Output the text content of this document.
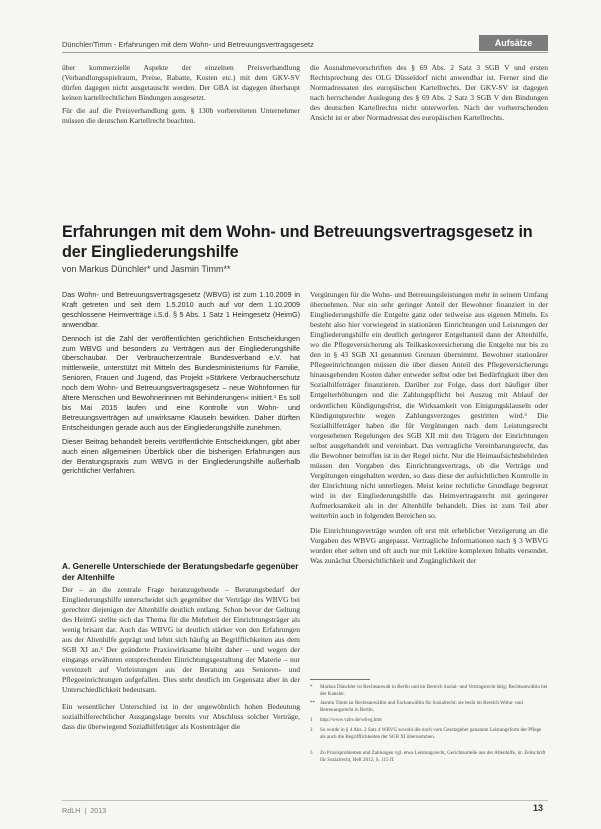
Dünchler/Timm - Erfahrungen mit dem Wohn- und Betreuungsvertragsgesetz	Aufsätze
über kommerzielle Aspekte der einzelnen Preisverhandlung (Verhandlungsspielraum, Preise, Rabatte, Kosten etc.) mit dem GKV-SV dürfen dagegen nicht ausgetauscht werden. Der GBA ist dagegen überhaupt keinen kartellrechtlichen Bindungen ausgesetzt.
Für die auf die Preisverhandlung gem. § 130b vorbereiteten Unternehmer müssen die deutschen Kartellrecht beachten.
die Ausnahmevorschriften des § 69 Abs. 2 Satz 3 SGB V und ersten Rechtsprechung des OLG Düsseldorf nicht anwendbar ist. Ferner sind die Normadressaten des europäischen Kartellrechts. Der GKV-SV ist dagegen nach herrschender Auslegung des § 69 Abs. 2 Satz 3 SGB V den Bindungen des deutschen Kartellrechts nicht unterworfen. Nach der vorherrschenden Ansicht ist er aber Normadressat des europäischen Kartellrechts.
Erfahrungen mit dem Wohn- und Betreuungsvertragsgesetz in der Eingliederungshilfe
von Markus Dünchler* und Jasmin Timm**
Das Wohn- und Betreuungsvertragsgesetz (WBVG) ist zum 1.10.2009 in Kraft getreten und seit dem 1.5.2010 auch auf vor dem 1.10.2009 geschlossene Heimverträge i.S.d. § 5 Abs. 1 Satz 1 Heimgesetz (HeimG) anwendbar.
Dennoch ist die Zahl der veröffentlichten gerichtlichen Entscheidungen zum WBVG und besonders zu Verträgen aus der Eingliederungshilfe überschaubar. Der Verbraucherzentrale Bundesverband e.V. hat mittlerweile, unterstützt mit Mitteln des Bundesministeriums für Familie, Senioren, Frauen und Jugend, das Projekt »Stärkere Verbraucherschutz noch dem Wohn- und Betreuungsvertragsgesetz – neue Wohnformen für ältere Menschen und Bewohnerinnen mit Behinderungen« initiiert.¹ Es soll bis Mai 2015 laufen und eine Kontrolle von Wohn- und Betreuungsverträgen auf unwirksame Klauseln bewirken. Daher dürften Entscheidungen gerade auch aus der Eingliederungshilfe zunehmen.
Dieser Beitrag behandelt bereits veröffentlichte Entscheidungen, gibt aber auch einen allgemeinen Überblick über die bisherigen Erfahrungen aus der Beratungspraxis zum WBVG in der Eingliederungshilfe außerhalb gerichtlicher Verfahren.
A. Generelle Unterschiede der Beratungsbedarfe gegenüber der Altenhilfe
Der – an die zentrale Frage heranzugehende – Beratungsbedarf der Eingliederungshilfe unterscheidet sich gegenüber der Verträge des WBVG bei gerechter diejenigen der Altenhilfe deutlich entlang. Schon bevor der Geltung des HeimG stellte sich das Thema für die Mehrheit der Einrichtungsträger als wenig brisant dar. Auch das WBVG ist deutlich stärker von den Erfahrungen aus der Altenhilfe geprägt und lehnt sich häufig an Begrifflichkeiten aus dem SGB XI an.² Der geänderte Praxiswirksame bleibt daher – und wegen der eingangs erwähnten entsprechenden Einrichtungsgestaltung der Materie – nur vereinzelt auf Vorleistungen aus der Beratung aus Senioren- und Pflegeeinrichtungen aufgefallen. Dies steht deutlich im Gegensatz aber in der Unterschiedlichkeit bedeutsam.
Ein wesentlicher Unterschied ist in der ungewöhnlich hohen Bedeutung sozialhilferechtlicher Ausgangslage bereits vor Abschluss solcher Verträge, dass die überwiegend Sozialhilfeträger als Kostenträger die
Vergütungen für die Wohn- und Betreuungsleistungen mehr in seinem Umfang übernehmen. Nur ein sehr geringer Anteil der Bewohner finanziert in der Eingliederungshilfe die Entgelte ganz oder teilweise aus eigenen Mitteln. Es besteht also hier vorwiegend in stationären Einrichtungen und Leistungen der Eingliederungshilfe ein deutlich geringerer Entgeltanteil dann der Altenhilfe, wo die Pflegeversicherung als Teilkaskoversicherung die Entgelte nur bis zu den in § 43 SGB XI genannten Grenzen übernimmt. Bewohner stationärer Pflegeeinrichtungen müssen die über diesen Anteil des Pflegeversicherungs hinausgehenden Kosten daher entweder selbst oder bei Bedürftigkeit über den Sozialhilfeträger finanzieren. Darüber zur Folge, dass dort häufiger über Entgelterhöhungen und die Zahlungspflicht bei Auszug mit Ablauf der ordentlichen Kündigungsfrist, die Wirksamkeit von Einigungsklauseln oder Kündigungsrechte wegen Zahlungsverzuges gestritten wird.³ Die Sozialhilfeträger haben die für Vergütungen nach dem Leistungsrecht vorgesehenen Regelungen des SGB XII mit den Trägern der Einrichtungen selbst ausgehandelt und vereinbart. Das vertragliche Vereinbarungsrecht, das die Bewohner betroffen ist in der Regel nicht. Nur die Heimaufsichtsbehörden müssen den Vorgaben des Einrichtungsvertrags, ob die Verträge und Vergütungen eingehalten werden, so dass diese der aufsichtlichen Kontrolle in der Einrichtung nicht unterliegen. Meist keine rechtliche Grundlage begrenzt wird in der Eingliederungshilfe das Heimvertragsrecht mit geringerer Aufmerksamkeit als in der Altenhilfe behandelt. Dies ist zum Teil aber weiterhin auch in folgenden Bereichen so.
Die Einrichtungsverträge wurden oft erst mit erheblicher Verzögerung an die Vorgaben des WBVG angepasst. Vertragliche Informationen nach § 3 WBVG wurden eher selten und oft auch nur mit Lektüre komplexen Inhalts versendet. Was zunächst Übersichtlichkeit und Zugänglichkeit der
* Markus Dünchler ist Rechtsanwalt in Berlin und im Bereich Sozial- und Vertragsrecht tätig; Rechtsanwältin bei der Kanzlei.
** Jasmin Timm ist Rechtsanwältin und Fachanwältin für Sozialrecht; sie berät im Bereich Wohn- und Betreuungsrecht in Berlin.
1 http://www.vzbv.de/wbvg.htm
2 So wurde in § 4 Abs. 2 Satz 4 WBVG sowohl die noch vom Gesetzgeber genannte Leistungsform der Pflege als auch die Begrifflichkeiten der SGB XI übernommen.
3 Zu Praxisproblemen und Zahlungen vgl. etwa Leistungsrecht, Gerichtsurteile aus der Altenhilfe, in: Zeitschrift für Sozialrecht, Heft 2012, S. 115 ff.
RdLH  |  2013	13
